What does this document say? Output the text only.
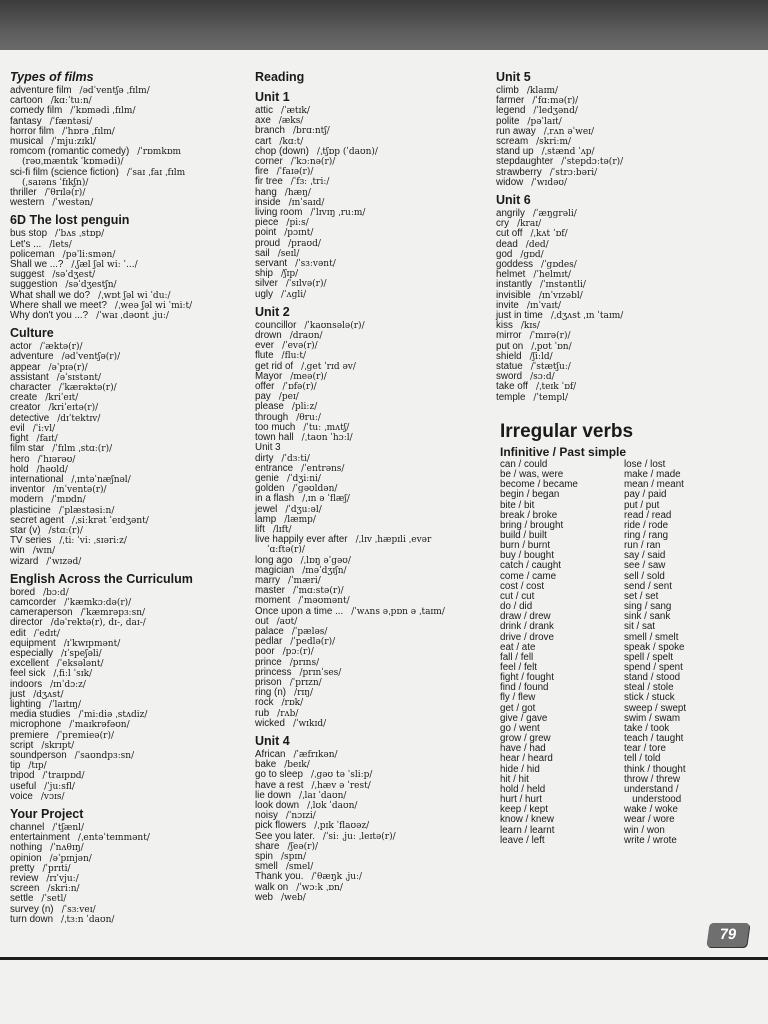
Types of films
adventure film /ədˈventʃə ˌfɪlm/
cartoon /kɑːˈtuːn/
comedy film /ˈkɒmədi ˌfɪlm/
fantasy /ˈfæntəsi/
horror film /ˈhɒrə ˌfɪlm/
musical /ˈmjuːzɪkl/
romcom (romantic comedy) /ˈrɒmkɒm
(rəʊˌmæntɪk ˈkɒmədi)/
sci-fi film (science fiction) /ˈsaɪ ˌfaɪ ˌfɪlm
(ˌsaɪəns ˈfɪkʃn)/
thriller /ˈθrɪlə(r)/
western /ˈwestən/
6D The lost penguin
bus stop /ˈbʌs ˌstɒp/
Let's ... /lets/
policeman /pəˈliːsmən/
Shall we ...? /ˌʃæl ʃəl wiː ˈ.../
suggest /səˈdʒest/
suggestion /səˈdʒestʃn/
What shall we do? /ˌwɒt ʃəl wi ˈduː/
Where shall we meet? /ˌweə ʃəl wi ˈmiːt/
Why don't you ...? /ˈwaɪ ˌdəʊnt ˌjuː/
Culture
actor /ˈæktə(r)/
adventure /ədˈventʃə(r)/
appear /əˈpɪə(r)/
assistant /əˈsɪstənt/
character /ˈkærəktə(r)/
create /kriˈeɪt/
creator /kriˈeɪtə(r)/
detective /dɪˈtektɪv/
evil /ˈiːvl/
fight /faɪt/
film star /ˈfɪlm ˌstɑː(r)/
hero /ˈhɪərəʊ/
hold /həʊld/
international /ˌɪntəˈnæʃnəl/
inventor /ɪnˈventə(r)/
modern /ˈmɒdn/
plasticine /ˈplæstəsiːn/
secret agent /ˌsiːkrət ˈeɪdʒənt/
star (v) /stɑː(r)/
TV series /ˌtiː ˈviː ˌsɪəriːz/
win /wɪn/
wizard /ˈwɪzəd/
English Across the Curriculum
bored /bɔːd/
camcorder /ˈkæmkɔːdə(r)/
cameraperson /ˈkæmrəpɜːsn/
director /dəˈrektə(r), dɪ-, daɪ-/
edit /ˈedɪt/
equipment /ɪˈkwɪpmənt/
especially /ɪˈspeʃəli/
excellent /ˈeksələnt/
feel sick /ˌfiːl ˈsɪk/
indoors /ɪnˈdɔːz/
just /dʒʌst/
lighting /ˈlaɪtɪŋ/
media studies /ˈmiːdiə ˌstʌdiz/
microphone /ˈmaɪkrəfəʊn/
premiere /ˈpremieə(r)/
script /skrɪpt/
soundperson /ˈsaʊndpɜːsn/
tip /tɪp/
tripod /ˈtraɪpɒd/
useful /ˈjuːsfl/
voice /vɔɪs/
Your Project
channel /ˈtʃænl/
entertainment /ˌentəˈteɪnmənt/
nothing /ˈnʌθɪŋ/
opinion /əˈpɪnjən/
pretty /ˈprɪti/
review /rɪˈvjuː/
screen /skriːn/
settle /ˈsetl/
survey (n) /ˈsɜːveɪ/
turn down /ˌtɜːn ˈdaʊn/
Reading
Unit 1
attic /ˈætɪk/
axe /æks/
branch /brɑːntʃ/
cart /kɑːt/
chop (down) /ˌtʃɒp (ˈdaʊn)/
corner /ˈkɔːnə(r)/
fire /ˈfaɪə(r)/
fir tree /ˈfɜː ˌtriː/
hang /hæŋ/
inside /ɪnˈsaɪd/
living room /ˈlɪvɪŋ ˌruːm/
piece /piːs/
point /pɔɪnt/
proud /praʊd/
sail /seɪl/
servant /ˈsɜːvənt/
ship /ʃɪp/
silver /ˈsɪlvə(r)/
ugly /ˈʌgli/
Unit 2
councillor /ˈkaʊnsələ(r)/
drown /draʊn/
ever /ˈevə(r)/
flute /fluːt/
get rid of /ˌget ˈrɪd əv/
Mayor /meə(r)/
offer /ˈɒfə(r)/
pay /peɪ/
please /pliːz/
through /θruː/
too much /ˈtuː ˌmʌtʃ/
town hall /ˌtaʊn ˈhɔːl/
Unit 3
dirty /ˈdɜːti/
entrance /ˈentrəns/
genie /ˈdʒiːni/
golden /ˈgəʊldən/
in a flash /ˌɪn ə ˈflæʃ/
jewel /ˈdʒuːəl/
lamp /læmp/
lift /lɪft/
live happily ever after /ˌlɪv ˌhæpɪli ˌevər
ˈɑːftə(r)/
long ago /ˌlɒŋ əˈgəʊ/
magician /məˈdʒɪʃn/
marry /ˈmæri/
master /ˈmɑːstə(r)/
moment /ˈməʊmənt/
Once upon a time ... /ˈwʌns əˌpɒn ə ˌtaɪm/
out /aʊt/
palace /ˈpæləs/
pedlar /ˈpedlə(r)/
poor /pɔː(r)/
prince /prɪns/
princess /prɪnˈses/
prison /ˈprɪzn/
ring (n) /rɪŋ/
rock /rɒk/
rub /rʌb/
wicked /ˈwɪkɪd/
Unit 4
African /ˈæfrɪkən/
bake /beɪk/
go to sleep /ˌgəʊ tə ˈsliːp/
have a rest /ˌhæv ə ˈrest/
lie down /ˌlaɪ ˈdaʊn/
look down /ˌlʊk ˈdaʊn/
noisy /ˈnɔɪzi/
pick flowers /ˌpɪk ˈflaʊəz/
See you later. /ˈsiː ˌjuː ˌleɪtə(r)/
share /ʃeə(r)/
spin /spɪn/
smell /smel/
Thank you. /ˈθæŋk ˌjuː/
walk on /ˈwɔːk ˌɒn/
web /web/
Unit 5
climb /klaɪm/
farmer /ˈfɑːmə(r)/
legend /ˈledʒənd/
polite /pəˈlaɪt/
run away /ˌrʌn əˈweɪ/
scream /skriːm/
stand up /ˌstænd ˈʌp/
stepdaughter /ˈstepdɔːtə(r)/
strawberry /ˈstrɔːbəri/
widow /ˈwɪdəʊ/
Unit 6
angrily /ˈæŋgrəli/
cry /kraɪ/
cut off /ˌkʌt ˈɒf/
dead /ded/
god /gɒd/
goddess /ˈgɒdes/
helmet /ˈhelmɪt/
instantly /ˈɪnstəntli/
invisible /ɪnˈvɪzəbl/
invite /ɪnˈvaɪt/
just in time /ˌdʒʌst ˌɪn ˈtaɪm/
kiss /kɪs/
mirror /ˈmɪrə(r)/
put on /ˌpʊt ˈɒn/
shield /ʃiːld/
statue /ˈstætʃuː/
sword /sɔːd/
take off /ˌteɪk ˈɒf/
temple /ˈtempl/
Irregular verbs
Infinitive / Past simple
can / could	lose / lost
be / was, were	make / made
become / became	mean / meant
begin / began	pay / paid
bite / bit	put / put
break / broke	read / read
bring / brought	ride / rode
build / built	ring / rang
burn / burnt	run / ran
buy / bought	say / said
catch / caught	see / saw
come / came	sell / sold
cost / cost	send / sent
cut / cut	set / set
do / did	sing / sang
draw / drew	sink / sank
drink / drank	sit / sat
drive / drove	smell / smelt
eat / ate	speak / spoke
fall / fell	spell / spelt
feel / felt	spend / spent
fight / fought	stand / stood
find / found	steal / stole
fly / flew	stick / stuck
get / got	sweep / swept
give / gave	swim / swam
go / went	take / took
grow / grew	teach / taught
have / had	tear / tore
hear / heard	tell / told
hide / hid	think / thought
hit / hit	throw / threw
hold / held	understand /
hurt / hurt	understood
keep / kept	wake / woke
know / knew	wear / wore
learn / learnt	win / won
leave / left	write / wrote
79
